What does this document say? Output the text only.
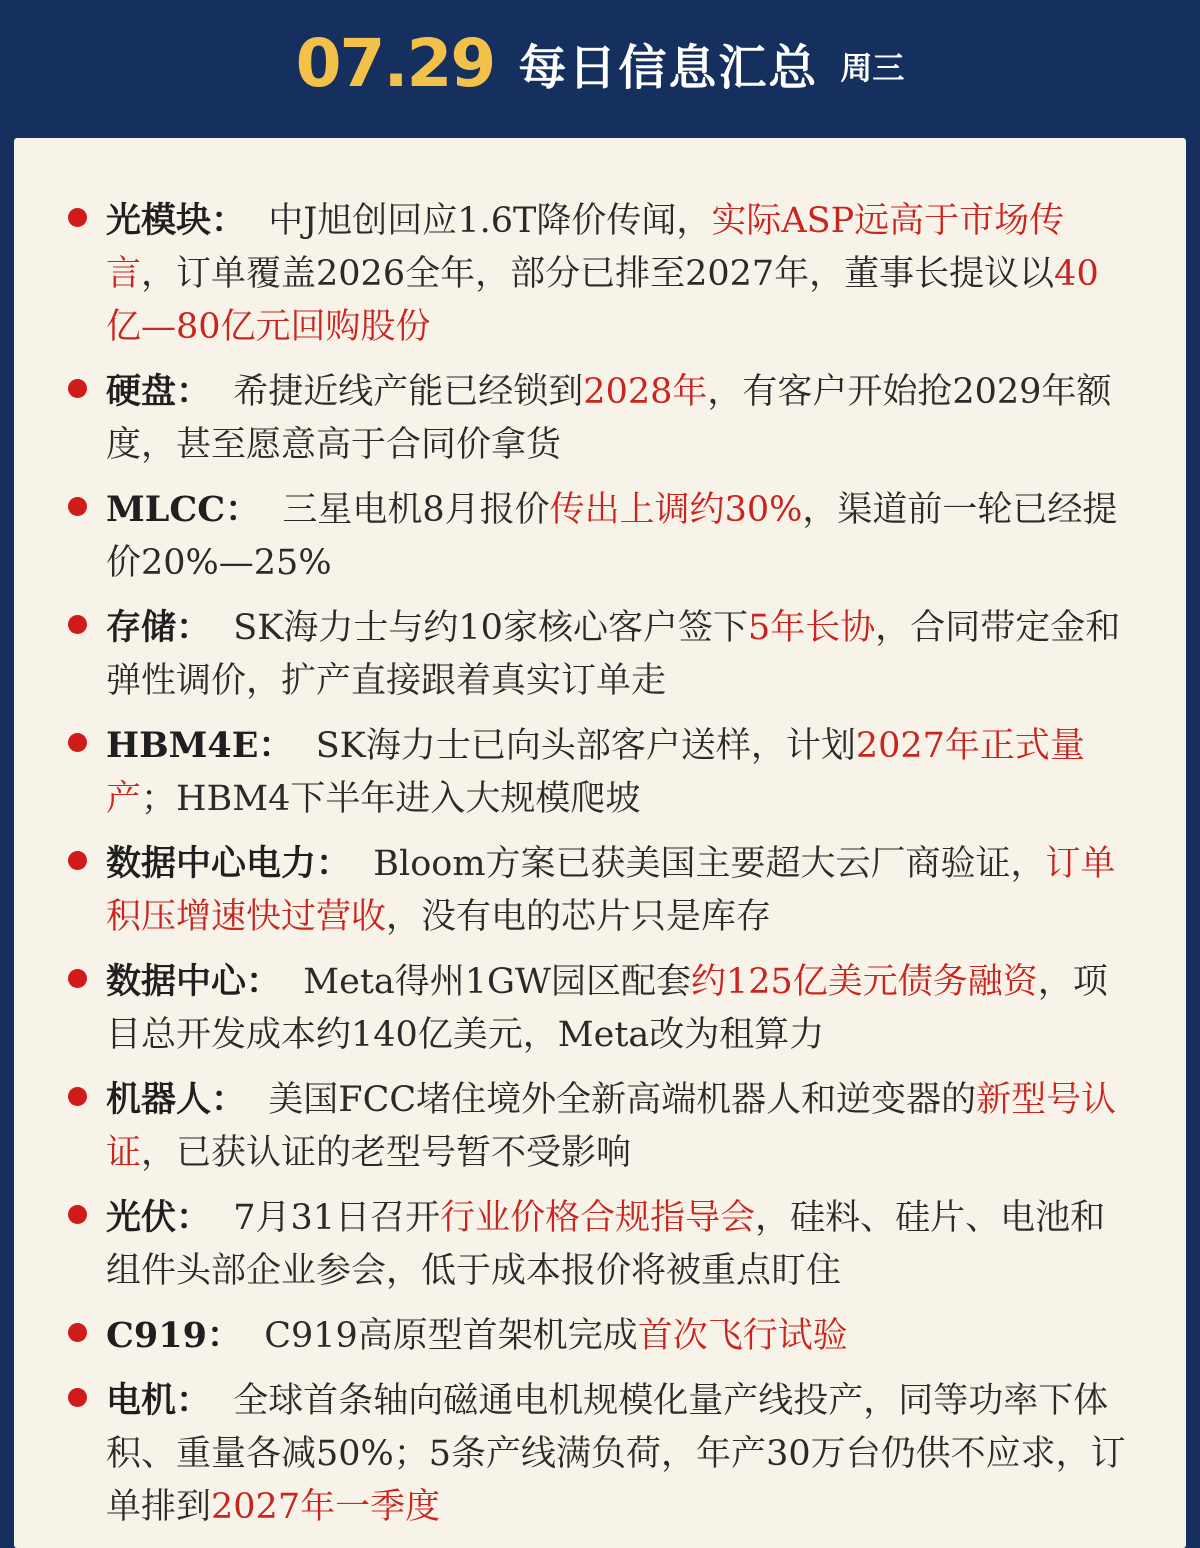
07.29 每日信息汇总 周三
光模块： 中J旭创回应1.6T降价传闻，实际ASP远高于市场传言，订单覆盖2026全年，部分已排至2027年，董事长提议以40亿—80亿元回购股份
硬盘： 希捷近线产能已经锁到2028年，有客户开始抢2029年额度，甚至愿意高于合同价拿货
MLCC： 三星电机8月报价传出上调约30%，渠道前一轮已经提价20%—25%
存储： SK海力士与约10家核心客户签下5年长协，合同带定金和弹性调价，扩产直接跟着真实订单走
HBM4E： SK海力士已向头部客户送样，计划2027年正式量产；HBM4下半年进入大规模爬坡
数据中心电力： Bloom方案已获美国主要超大云厂商验证，订单积压增速快过营收，没有电的芯片只是库存
数据中心： Meta得州1GW园区配套约125亿美元债务融资，项目总开发成本约140亿美元，Meta改为租算力
机器人： 美国FCC堵住境外全新高端机器人和逆变器的新型号认证，已获认证的老型号暂不受影响
光伏： 7月31日召开行业价格合规指导会，硅料、硅片、电池和组件头部企业参会，低于成本报价将被重点盯住
C919： C919高原型首架机完成首次飞行试验
电机： 全球首条轴向磁通电机规模化量产线投产，同等功率下体积、重量各减50%；5条产线满负荷，年产30万台仍供不应求，订单排到2027年一季度
